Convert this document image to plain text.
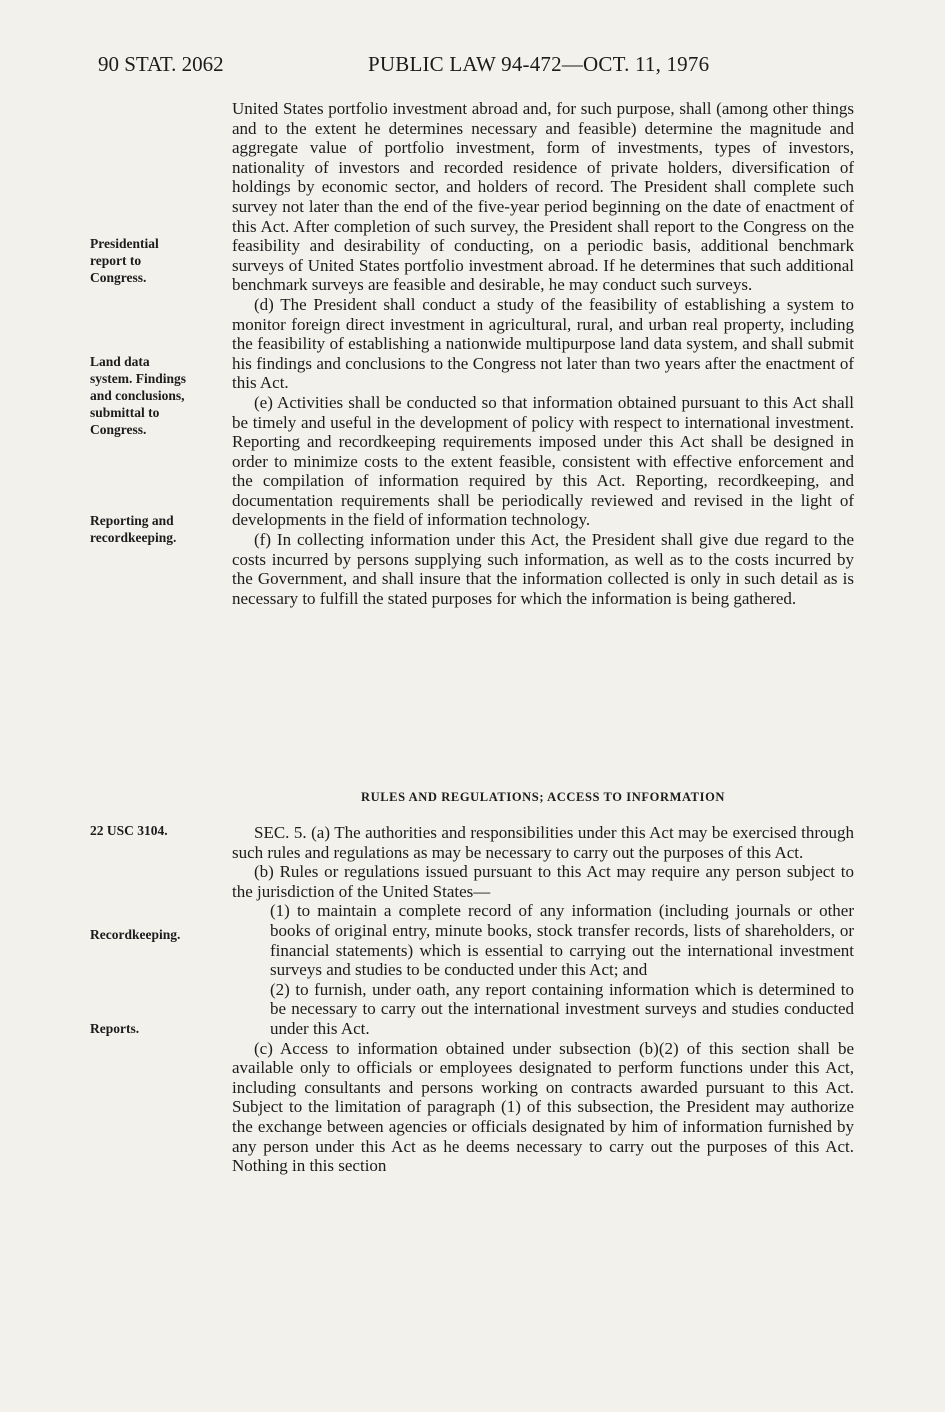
90 STAT. 2062	PUBLIC LAW 94-472—OCT. 11, 1976
Presidential report to Congress.
Land data system. Findings and conclusions, submittal to Congress.
Reporting and recordkeeping.
22 USC 3104.
Recordkeeping.
Reports.

United States portfolio investment abroad and, for such purpose, shall (among other things and to the extent he determines necessary and feasible) determine the magnitude and aggregate value of portfolio investment, form of investments, types of investors, nationality of investors and recorded residence of private holders, diversification of holdings by economic sector, and holders of record. The President shall complete such survey not later than the end of the five-year period beginning on the date of enactment of this Act. After completion of such survey, the President shall report to the Congress on the feasibility and desirability of conducting, on a periodic basis, additional benchmark surveys of United States portfolio investment abroad. If he determines that such additional benchmark surveys are feasible and desirable, he may conduct such surveys.

(d) The President shall conduct a study of the feasibility of establishing a system to monitor foreign direct investment in agricultural, rural, and urban real property, including the feasibility of establishing a nationwide multipurpose land data system, and shall submit his findings and conclusions to the Congress not later than two years after the enactment of this Act.

(e) Activities shall be conducted so that information obtained pursuant to this Act shall be timely and useful in the development of policy with respect to international investment. Reporting and recordkeeping requirements imposed under this Act shall be designed in order to minimize costs to the extent feasible, consistent with effective enforcement and the compilation of information required by this Act. Reporting, recordkeeping, and documentation requirements shall be periodically reviewed and revised in the light of developments in the field of information technology.

(f) In collecting information under this Act, the President shall give due regard to the costs incurred by persons supplying such information, as well as to the costs incurred by the Government, and shall insure that the information collected is only in such detail as is necessary to fulfill the stated purposes for which the information is being gathered.

RULES AND REGULATIONS; ACCESS TO INFORMATION

SEC. 5. (a) The authorities and responsibilities under this Act may be exercised through such rules and regulations as may be necessary to carry out the purposes of this Act.

(b) Rules or regulations issued pursuant to this Act may require any person subject to the jurisdiction of the United States—

(1) to maintain a complete record of any information (including journals or other books of original entry, minute books, stock transfer records, lists of shareholders, or financial statements) which is essential to carrying out the international investment surveys and studies to be conducted under this Act; and

(2) to furnish, under oath, any report containing information which is determined to be necessary to carry out the international investment surveys and studies conducted under this Act.

(c) Access to information obtained under subsection (b)(2) of this section shall be available only to officials or employees designated to perform functions under this Act, including consultants and persons working on contracts awarded pursuant to this Act. Subject to the limitation of paragraph (1) of this subsection, the President may authorize the exchange between agencies or officials designated by him of information furnished by any person under this Act as he deems necessary to carry out the purposes of this Act. Nothing in this section
